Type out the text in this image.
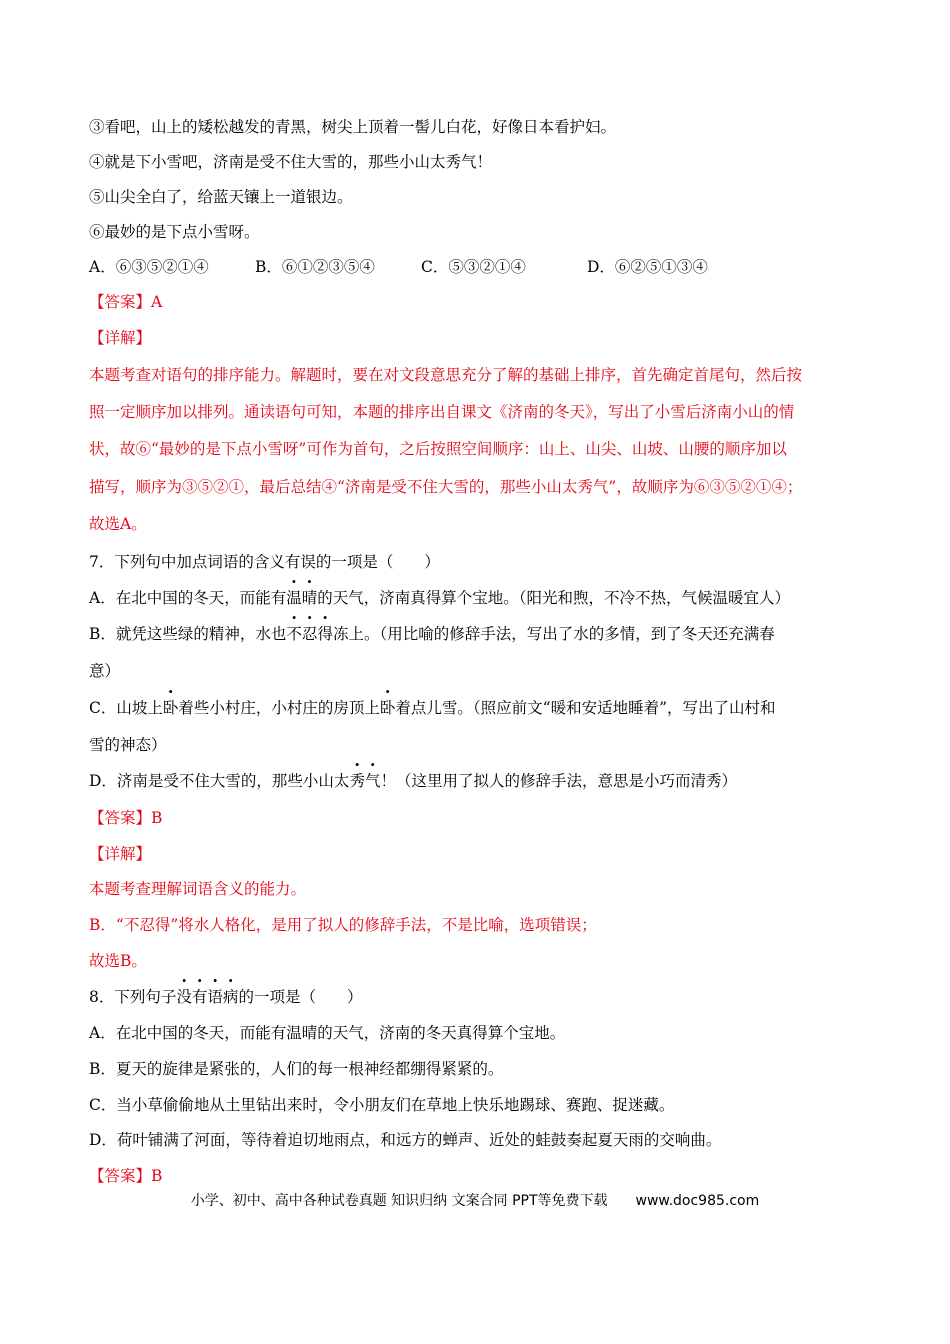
③看吧，山上的矮松越发的青黑，树尖上顶着一髻儿白花，好像日本看护妇。
④就是下小雪吧，济南是受不住大雪的，那些小山太秀气！
⑤山尖全白了，给蓝天镶上一道银边。
⑥最妙的是下点小雪呀。
A．⑥③⑤②①④	B．⑥①②③⑤④	C．⑤③②①④	D．⑥②⑤①③④
【答案】A
【详解】
本题考查对语句的排序能力。解题时，要在对文段意思充分了解的基础上排序，首先确定首尾句，然后按
照一定顺序加以排列。通读语句可知，本题的排序出自课文《济南的冬天》，写出了小雪后济南小山的情
状，故⑥“最妙的是下点小雪呀”可作为首句，之后按照空间顺序：山上、山尖、山坡、山腰的顺序加以
描写，顺序为③⑤②①，最后总结④“济南是受不住大雪的，那些小山太秀气”，故顺序为⑥③⑤②①④；
故选A。
7．下列句中加点词语的含义有误的一项是（　　）
A．在北中国的冬天，而能有温晴的天气，济南真得算个宝地。（阳光和煦，不冷不热，气候温暖宜人）
B．就凭这些绿的精神，水也不忍得冻上。（用比喻的修辞手法，写出了水的多情，到了冬天还充满春
意）
C．山坡上卧着些小村庄，小村庄的房顶上卧着点儿雪。（照应前文“暖和安适地睡着”，写出了山村和
雪的神态）
D．济南是受不住大雪的，那些小山太秀气！（这里用了拟人的修辞手法，意思是小巧而清秀）
【答案】B
【详解】
本题考查理解词语含义的能力。
B．“不忍得”将水人格化，是用了拟人的修辞手法，不是比喻，选项错误；
故选B。
8．下列句子没有语病的一项是（　　）
A．在北中国的冬天，而能有温晴的天气，济南的冬天真得算个宝地。
B．夏天的旋律是紧张的，人们的每一根神经都绷得紧紧的。
C．当小草偷偷地从土里钻出来时，令小朋友们在草地上快乐地踢球、赛跑、捉迷藏。
D．荷叶铺满了河面，等待着迫切地雨点，和远方的蝉声、近处的蛙鼓奏起夏天雨的交响曲。
【答案】B
小学、初中、高中各种试卷真题 知识归纳 文案合同 PPT等免费下载 www.doc985.com
